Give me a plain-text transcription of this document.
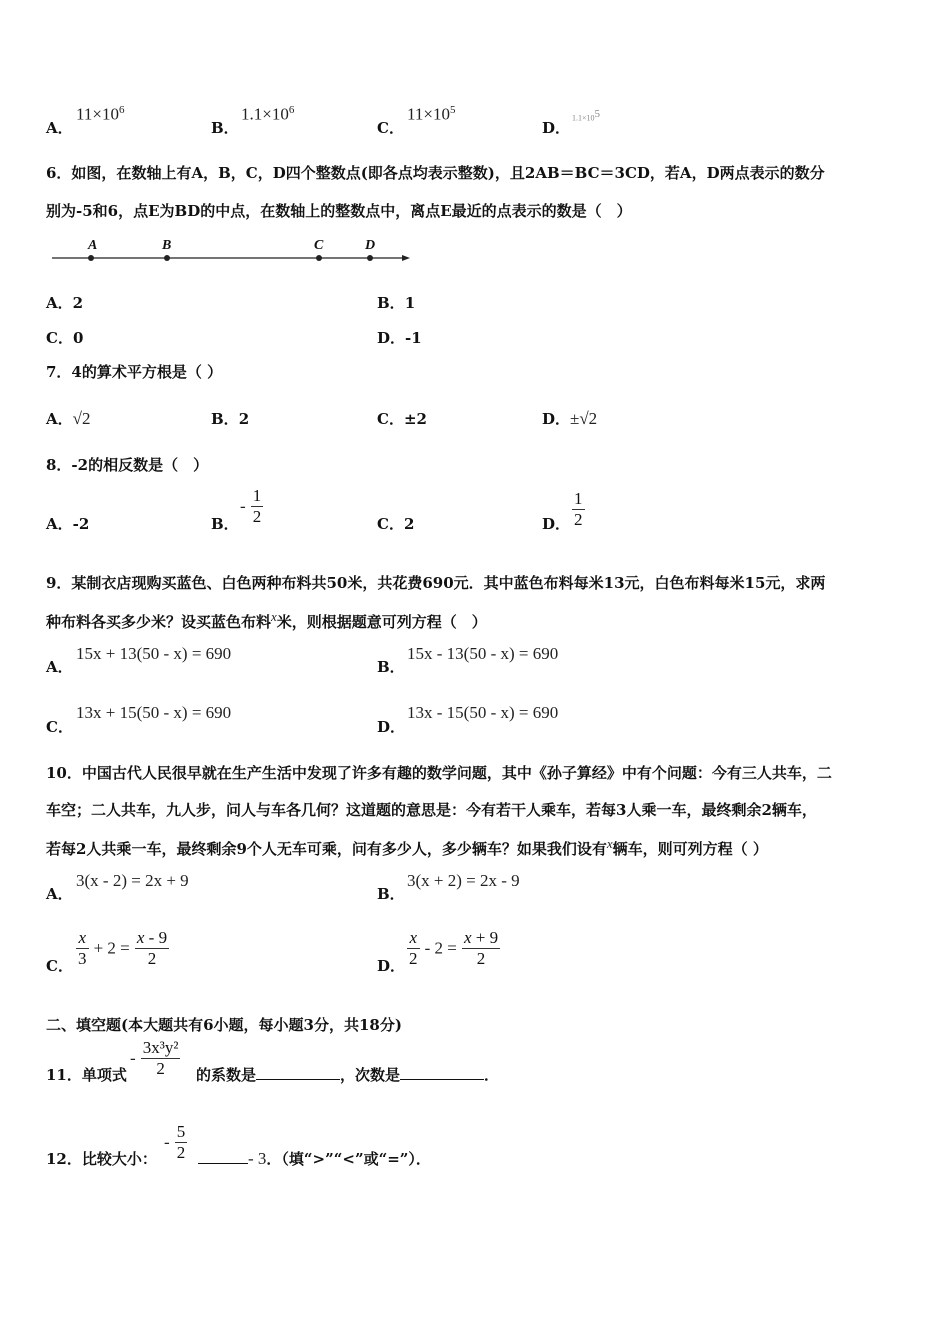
A．
$11\times 10^6$
B．
$1.1\times 10^6$
C．
$11\times 10^5$
D．
1.1×105
6．如图，在数轴上有A，B，C，D四个整数点(即各点均表示整数)，且2AB＝BC＝3CD，若A，D两点表示的数分
别为-5和6，点E为BD的中点，在数轴上的整数点中，离点E最近的点表示的数是（　）
A	B	C	D
A．2	B．1
C．0	D．-1
7．4的算术平方根是（ ）
A．√2	B．2	C．±2	D．±√2
8．-2的相反数是（　）
A．-2	B．
- $\frac{1}{2}$	C．2	D． $\frac{1}{2}$
9．某制衣店现购买蓝色、白色两种布料共50米，共花费690元．其中蓝色布料每米13元，白色布料每米15元，求两
种布料各买多少米？设买蓝色布料x米，则根据题意可列方程（　）
A．
15x + 13(50 - x) = 690
B．
15x - 13(50 - x) = 690
C．
13x + 15(50 - x) = 690
D．
13x - 15(50 - x) = 690
10．中国古代人民很早就在生产生活中发现了许多有趣的数学问题，其中《孙子算经》中有个问题：今有三人共车，二
车空；二人共车，九人步，问人与车各几何？这道题的意思是：今有若干人乘车，若每3人乘一车，最终剩余2辆车，
若每2人共乘一车，最终剩余9个人无车可乘，问有多少人，多少辆车？如果我们设有x辆车，则可列方程（ ）
A．
3(x - 2) = 2x + 9
B．
3(x + 2) = 2x - 9
C． $\frac{x}{3} + 2 = \frac{x - 9}{2}$	D． $\frac{x}{2} - 2 = \frac{x + 9}{2}$
二、填空题(本大题共有6小题，每小题3分，共18分)
11．单项式
- $\frac{\text{3x³y²}}{2}$ 的系数是	，次数是	．
12．比较大小：
- $\frac{5}{2}$	- 3．（填“>”“<”或“=”）．
